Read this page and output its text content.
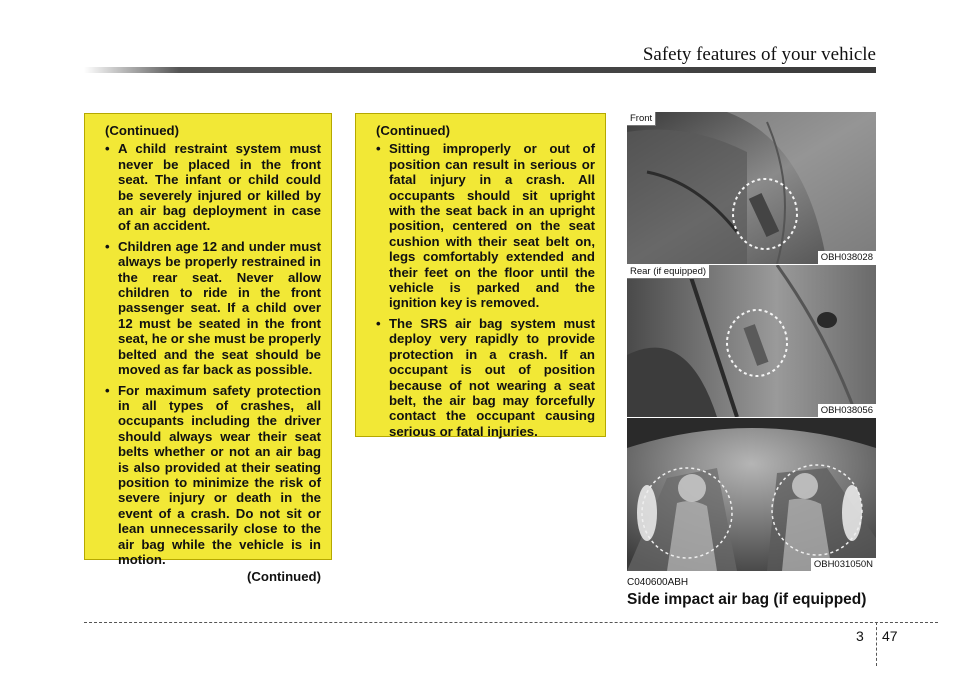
Safety features of your vehicle
(Continued)
• A child restraint system must never be placed in the front seat. The infant or child could be severely injured or killed by an air bag deployment in case of an accident.
• Children age 12 and under must always be properly restrained in the rear seat. Never allow children to ride in the front passenger seat. If a child over 12 must be seated in the front seat, he or she must be properly belted and the seat should be moved as far back as possible.
• For maximum safety protection in all types of crashes, all occupants including the driver should always wear their seat belts whether or not an air bag is also provided at their seating position to minimize the risk of severe injury or death in the event of a crash. Do not sit or lean unnecessarily close to the air bag while the vehicle is in motion.
(Continued)
(Continued)
• Sitting improperly or out of position can result in serious or fatal injury in a crash. All occupants should sit upright with the seat back in an upright position, centered on the seat cushion with their seat belt on, legs comfortably extended and their feet on the floor until the vehicle is parked and the ignition key is removed.
• The SRS air bag system must deploy very rapidly to provide protection in a crash. If an occupant is out of position because of not wearing a seat belt, the air bag may forcefully contact the occupant causing serious or fatal injuries.
Front
OBH038028
Rear (if equipped)
OBH038056
OBH031050N
C040600ABH
Side impact air bag (if equipped)
3 47
